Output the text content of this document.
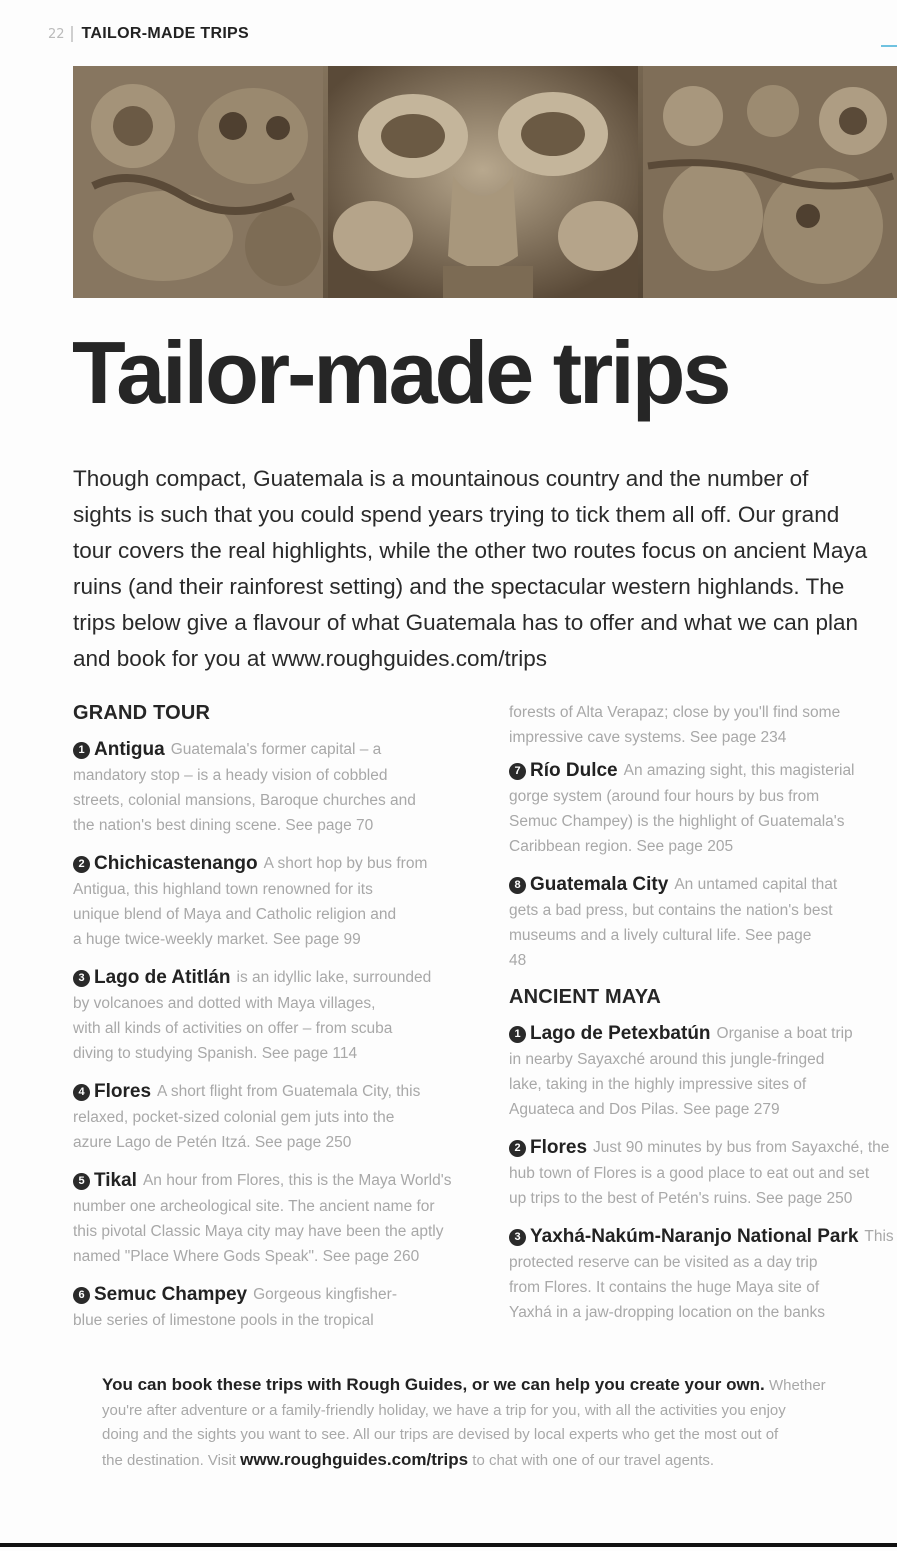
22 TAILOR-MADE TRIPS
Tailor-made trips

Though compact, Guatemala is a mountainous country and the number of
sights is such that you could spend years trying to tick them all off. Our grand
tour covers the real highlights, while the other two routes focus on ancient Maya
ruins (and their rainforest setting) and the spectacular western highlands. The
trips below give a flavour of what Guatemala has to offer and what we can plan
and book for you at www.roughguides.com/trips

GRAND TOUR
1 Antigua Guatemala's former capital – a
mandatory stop – is a heady vision of cobbled
streets, colonial mansions, Baroque churches and
the nation's best dining scene. See page 70
2 Chichicastenango A short hop by bus from
Antigua, this highland town renowned for its
unique blend of Maya and Catholic religion and
a huge twice-weekly market. See page 99
3 Lago de Atitlán is an idyllic lake, surrounded
by volcanoes and dotted with Maya villages,
with all kinds of activities on offer – from scuba
diving to studying Spanish. See page 114
4 Flores A short flight from Guatemala City, this
relaxed, pocket-sized colonial gem juts into the
azure Lago de Petén Itzá. See page 250
5 Tikal An hour from Flores, this is the Maya World's
number one archeological site. The ancient name for
this pivotal Classic Maya city may have been the aptly
named "Place Where Gods Speak". See page 260
6 Semuc Champey Gorgeous kingfisher-
blue series of limestone pools in the tropical

forests of Alta Verapaz; close by you'll find some
impressive cave systems. See page 234

7 Río Dulce An amazing sight, this magisterial
gorge system (around four hours by bus from
Semuc Champey) is the highlight of Guatemala's
Caribbean region. See page 205
8 Guatemala City An untamed capital that
gets a bad press, but contains the nation's best
museums and a lively cultural life. See page
48
ANCIENT MAYA
1 Lago de Petexbatún Organise a boat trip
in nearby Sayaxché around this jungle-fringed
lake, taking in the highly impressive sites of
Aguateca and Dos Pilas. See page 279
2 Flores Just 90 minutes by bus from Sayaxché, the
hub town of Flores is a good place to eat out and set
up trips to the best of Petén's ruins. See page 250
3 Yaxhá-Nakúm-Naranjo National Park This
protected reserve can be visited as a day trip
from Flores. It contains the huge Maya site of
Yaxhá in a jaw-dropping location on the banks
You can book these trips with Rough Guides, or we can help you create your own. Whether
you're after adventure or a family-friendly holiday, we have a trip for you, with all the activities you enjoy
doing and the sights you want to see. All our trips are devised by local experts who get the most out of
the destination. Visit www.roughguides.com/trips to chat with one of our travel agents.
